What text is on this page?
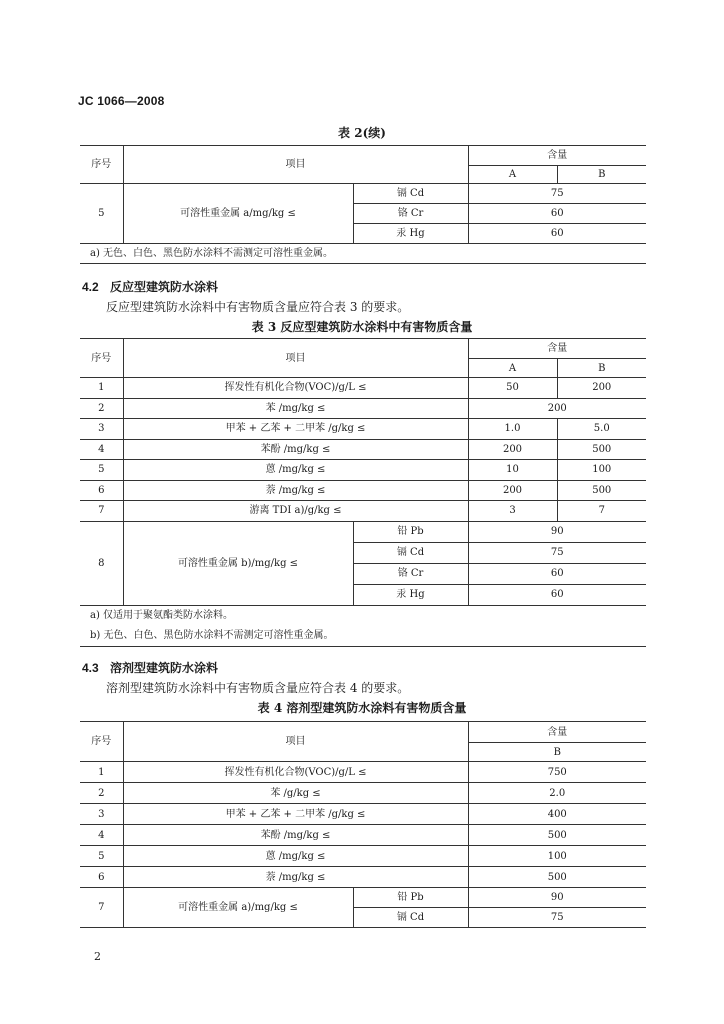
JC 1066—2008
表 2(续)
序号	项目		含量	
			A	B
5	可溶性重金属 a/mg/kg ≤	镉 Cd	75	
		铬 Cr	60	
		汞 Hg	60	
a) 无色、白色、黑色防水涂料不需测定可溶性重金属。				
4.2 反应型建筑防水涂料
反应型建筑防水涂料中有害物质含量应符合表 3 的要求。
表 3 反应型建筑防水涂料中有害物质含量
序号	项目		含量	
			A	B
1	挥发性有机化合物(VOC)/g/L ≤		50	200
2	苯 /mg/kg ≤		200	
3	甲苯 + 乙苯 + 二甲苯 /g/kg ≤		1.0	5.0
4	苯酚 /mg/kg ≤		200	500
5	蒽 /mg/kg ≤		10	100
6	萘 /mg/kg ≤		200	500
7	游离 TDI a)/g/kg ≤		3	7
8	可溶性重金属 b)/mg/kg ≤	铅 Pb	90	
		镉 Cd	75	
		铬 Cr	60	
		汞 Hg	60	

a) 仅适用于聚氨酯类防水涂料。
b) 无色、白色、黑色防水涂料不需测定可溶性重金属。				
4.3 溶剂型建筑防水涂料
溶剂型建筑防水涂料中有害物质含量应符合表 4 的要求。
表 4 溶剂型建筑防水涂料有害物质含量
序号	项目		含量
			B
1	挥发性有机化合物(VOC)/g/L ≤		750
2	苯 /g/kg ≤		2.0
3	甲苯 + 乙苯 + 二甲苯 /g/kg ≤		400
4	苯酚 /mg/kg ≤		500
5	蒽 /mg/kg ≤		100
6	萘 /mg/kg ≤		500
7	可溶性重金属 a)/mg/kg ≤	铅 Pb	90
		镉 Cd	75
2
